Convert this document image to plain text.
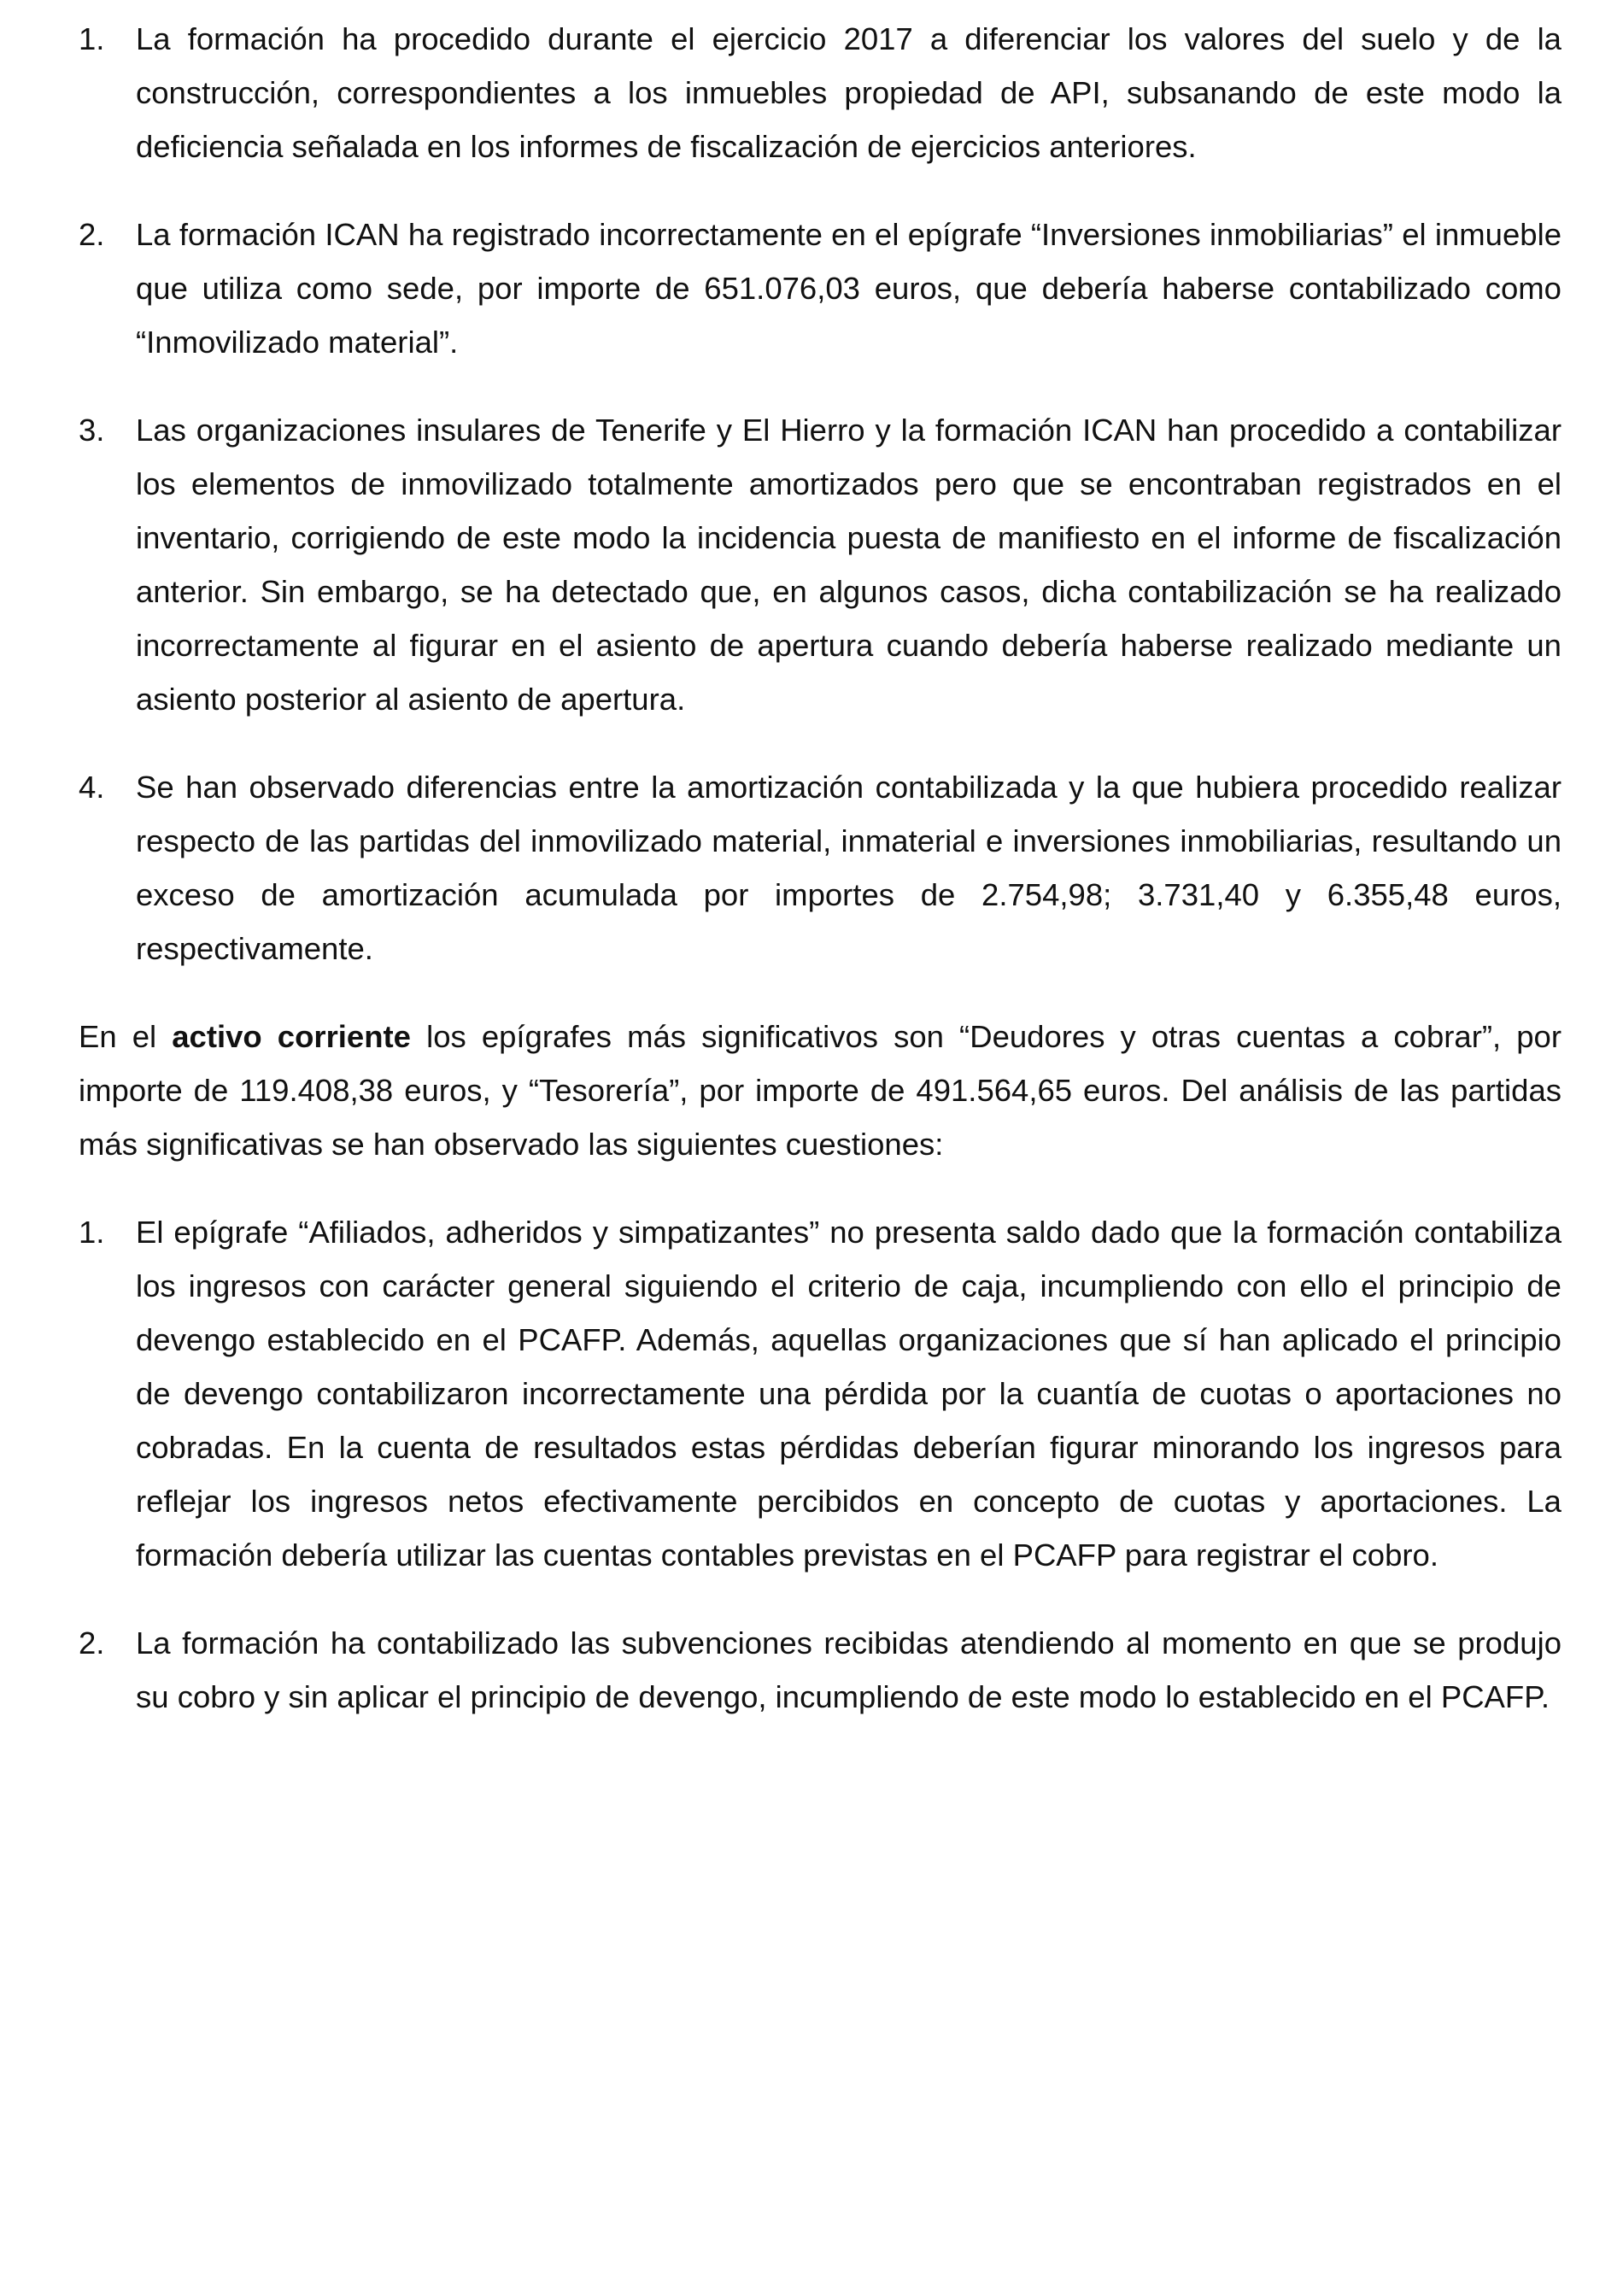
1. La formación ha procedido durante el ejercicio 2017 a diferenciar los valores del suelo y de la construcción, correspondientes a los inmuebles propiedad de API, subsanando de este modo la deficiencia señalada en los informes de fiscalización de ejercicios anteriores.
2. La formación ICAN ha registrado incorrectamente en el epígrafe “Inversiones inmobiliarias” el inmueble que utiliza como sede, por importe de 651.076,03 euros, que debería haberse contabilizado como “Inmovilizado material”.
3. Las organizaciones insulares de Tenerife y El Hierro y la formación ICAN han procedido a contabilizar los elementos de inmovilizado totalmente amortizados pero que se encontraban registrados en el inventario, corrigiendo de este modo la incidencia puesta de manifiesto en el informe de fiscalización anterior. Sin embargo, se ha detectado que, en algunos casos, dicha contabilización se ha realizado incorrectamente al figurar en el asiento de apertura cuando debería haberse realizado mediante un asiento posterior al asiento de apertura.
4. Se han observado diferencias entre la amortización contabilizada y la que hubiera procedido realizar respecto de las partidas del inmovilizado material, inmaterial e inversiones inmobiliarias, resultando un exceso de amortización acumulada por importes de 2.754,98; 3.731,40 y 6.355,48 euros, respectivamente.

En el activo corriente los epígrafes más significativos son “Deudores y otras cuentas a cobrar”, por importe de 119.408,38 euros, y “Tesorería”, por importe de 491.564,65 euros. Del análisis de las partidas más significativas se han observado las siguientes cuestiones:

1. El epígrafe “Afiliados, adheridos y simpatizantes” no presenta saldo dado que la formación contabiliza los ingresos con carácter general siguiendo el criterio de caja, incumpliendo con ello el principio de devengo establecido en el PCAFP. Además, aquellas organizaciones que sí han aplicado el principio de devengo contabilizaron incorrectamente una pérdida por la cuantía de cuotas o aportaciones no cobradas. En la cuenta de resultados estas pérdidas deberían figurar minorando los ingresos para reflejar los ingresos netos efectivamente percibidos en concepto de cuotas y aportaciones. La formación debería utilizar las cuentas contables previstas en el PCAFP para registrar el cobro.
2. La formación ha contabilizado las subvenciones recibidas atendiendo al momento en que se produjo su cobro y sin aplicar el principio de devengo, incumpliendo de este modo lo establecido en el PCAFP.
